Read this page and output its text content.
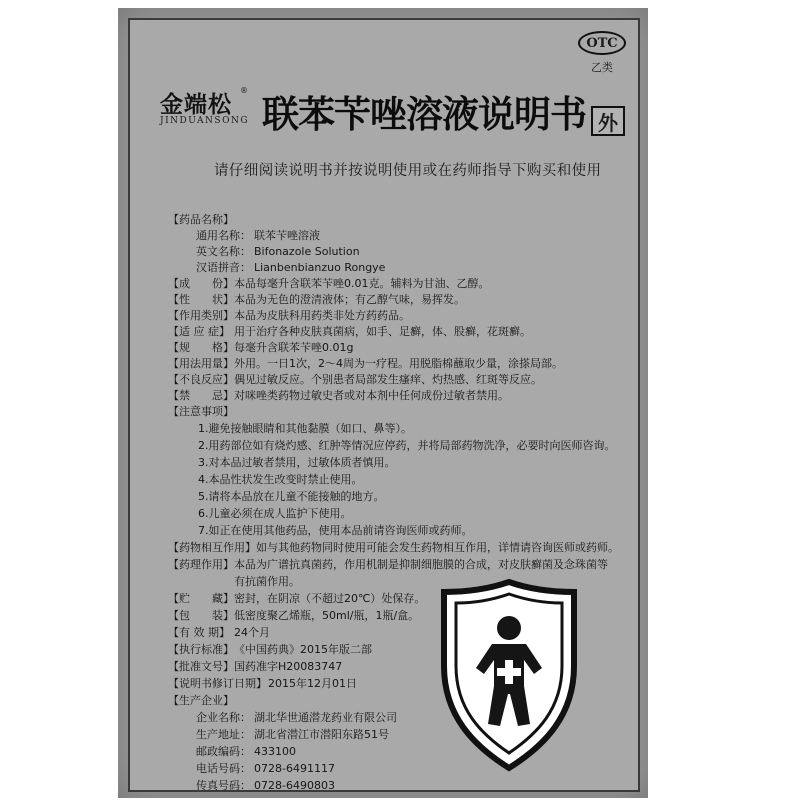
金端松
®
JINDUANSONG 联苯苄唑溶液说明书
OTC
乙类
外
请仔细阅读说明书并按说明使用或在药师指导下购买和使用
【 药品名称 】
通用名称： 联苯苄唑溶液
英文名称： Bifonazole Solution
汉语拼音： Lianbenbianzuo Rongye
【 成　　份 】	本品每毫升含联苯苄唑0.01克。辅料为甘油、乙醇。
【 性　　状 】	本品为无色的澄清液体；有乙醇气味，易挥发。
【 作用类别 】	本品为皮肤科用药类非处方药药品。
【 适 应 症 】	用于治疗各种皮肤真菌病，如手、足癣，体、股癣，花斑癣。
【 规　　格 】	每毫升含联苯苄唑0.01g
【 用法用量 】	外用。一日1次，2～4周为一疗程。用脱脂棉蘸取少量，涂搽局部。
【 不良反应 】	偶见过敏反应。个别患者局部发生瘙痒、灼热感、红斑等反应。
【 禁　　忌 】	对咪唑类药物过敏史者或对本剂中任何成份过敏者禁用。
【 注意事项 】
1.避免接触眼睛和其他黏膜（如口、鼻等）。
2.用药部位如有烧灼感、红肿等情况应停药，并将局部药物洗净，必要时向医师咨询。
3.对本品过敏者禁用，过敏体质者慎用。
4.本品性状发生改变时禁止使用。
5.请将本品放在儿童不能接触的地方。
6.儿童必须在成人监护下使用。
7.如正在使用其他药品，使用本品前请咨询医师或药师。
【 药物相互作用 】	如与其他药物同时使用可能会发生药物相互作用，详情请咨询医师或药师。
【 药理作用 】	本品为广谱抗真菌药，作用机制是抑制细胞膜的合成，对皮肤癣菌及念珠菌等
有抗菌作用。
【 贮　　藏 】	密封，在阴凉（不超过20℃）处保存。
【 包　　装 】	低密度聚乙烯瓶，50ml/瓶，1瓶/盒。
【 有 效 期 】	24个月
【 执行标准 】	《中国药典》2015年版二部
【 批准文号 】	国药准字H20083747
【 说明书修订日期 】	2015年12月01日
【 生产企业 】
企业名称： 湖北华世通潜龙药业有限公司
生产地址： 湖北省潜江市潜阳东路51号
邮政编码： 433100
电话号码： 0728-6491117
传真号码： 0728-6490803
